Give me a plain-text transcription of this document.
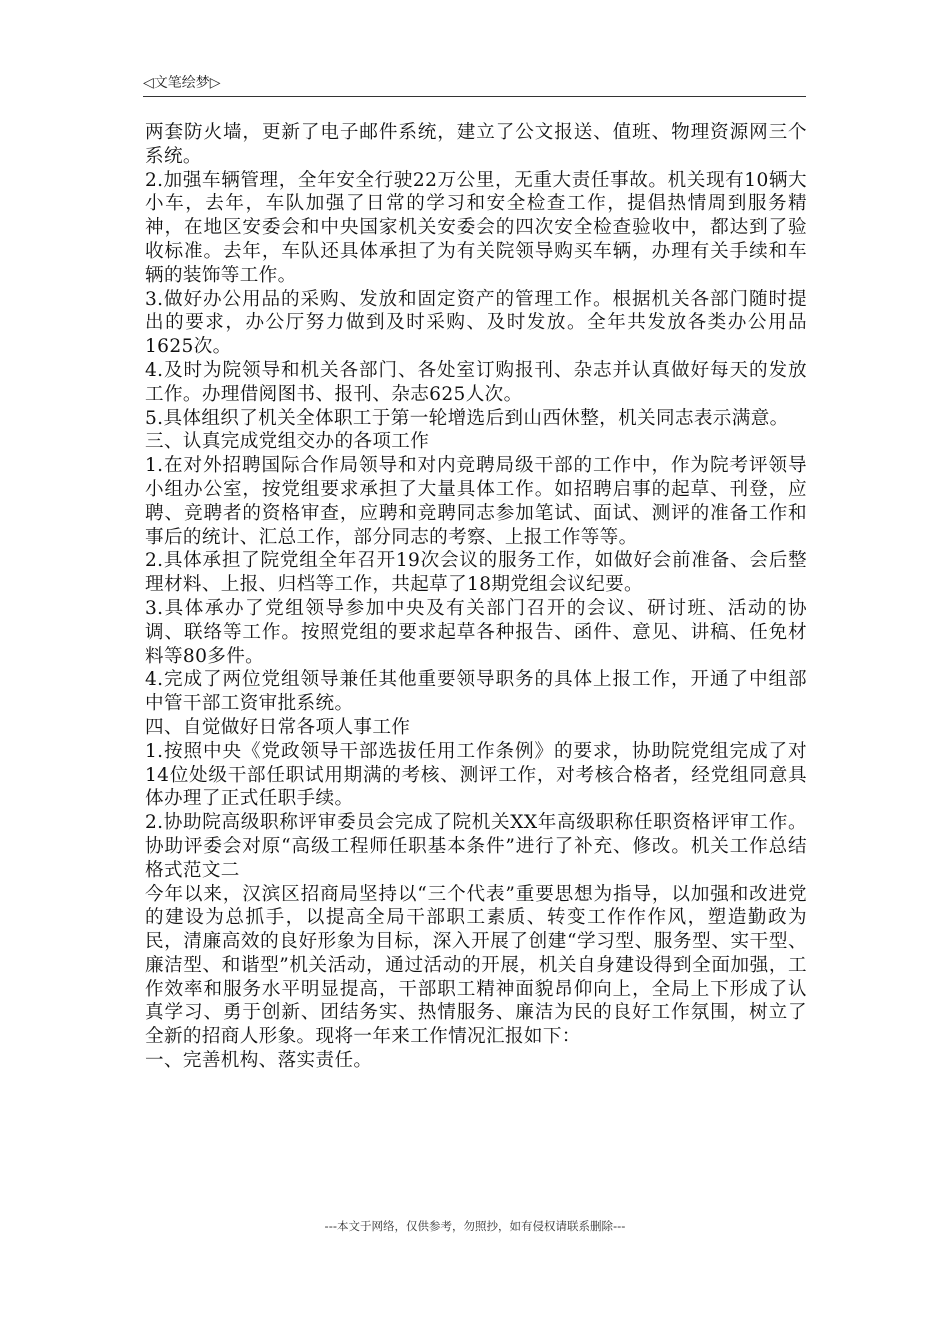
◁文笔绘梦▷

两套防火墙，更新了电子邮件系统，建立了公文报送、值班、物理资源网三个系统。

2.加强车辆管理，全年安全行驶22万公里，无重大责任事故。机关现有10辆大小车，去年，车队加强了日常的学习和安全检查工作，提倡热情周到服务精神，在地区安委会和中央国家机关安委会的四次安全检查验收中，都达到了验收标准。去年，车队还具体承担了为有关院领导购买车辆，办理有关手续和车辆的装饰等工作。

3.做好办公用品的采购、发放和固定资产的管理工作。根据机关各部门随时提出的要求，办公厅努力做到及时采购、及时发放。全年共发放各类办公用品1625次。

4.及时为院领导和机关各部门、各处室订购报刊、杂志并认真做好每天的发放工作。办理借阅图书、报刊、杂志625人次。

5.具体组织了机关全体职工于第一轮增选后到山西休整，机关同志表示满意。

三、认真完成党组交办的各项工作

1.在对外招聘国际合作局领导和对内竞聘局级干部的工作中，作为院考评领导小组办公室，按党组要求承担了大量具体工作。如招聘启事的起草、刊登，应聘、竞聘者的资格审查，应聘和竞聘同志参加笔试、面试、测评的准备工作和事后的统计、汇总工作，部分同志的考察、上报工作等等。

2.具体承担了院党组全年召开19次会议的服务工作，如做好会前准备、会后整理材料、上报、归档等工作，共起草了18期党组会议纪要。

3.具体承办了党组领导参加中央及有关部门召开的会议、研讨班、活动的协调、联络等工作。按照党组的要求起草各种报告、函件、意见、讲稿、任免材料等80多件。

4.完成了两位党组领导兼任其他重要领导职务的具体上报工作，开通了中组部中管干部工资审批系统。

四、自觉做好日常各项人事工作

1.按照中央《党政领导干部选拔任用工作条例》的要求，协助院党组完成了对14位处级干部任职试用期满的考核、测评工作，对考核合格者，经党组同意具体办理了正式任职手续。

2.协助院高级职称评审委员会完成了院机关XX年高级职称任职资格评审工作。协助评委会对原“高级工程师任职基本条件”进行了补充、修改。机关工作总结格式范文二

今年以来，汉滨区招商局坚持以“三个代表”重要思想为指导，以加强和改进党的建设为总抓手，以提高全局干部职工素质、转变工作作作风，塑造勤政为民，清廉高效的良好形象为目标，深入开展了创建“学习型、服务型、实干型、廉洁型、和谐型”机关活动，通过活动的开展，机关自身建设得到全面加强，工作效率和服务水平明显提高，干部职工精神面貌昂仰向上，全局上下形成了认真学习、勇于创新、团结务实、热情服务、廉洁为民的良好工作氛围，树立了全新的招商人形象。现将一年来工作情况汇报如下：

一、完善机构、落实责任。

---本文于网络，仅供参考，勿照抄，如有侵权请联系删除---
